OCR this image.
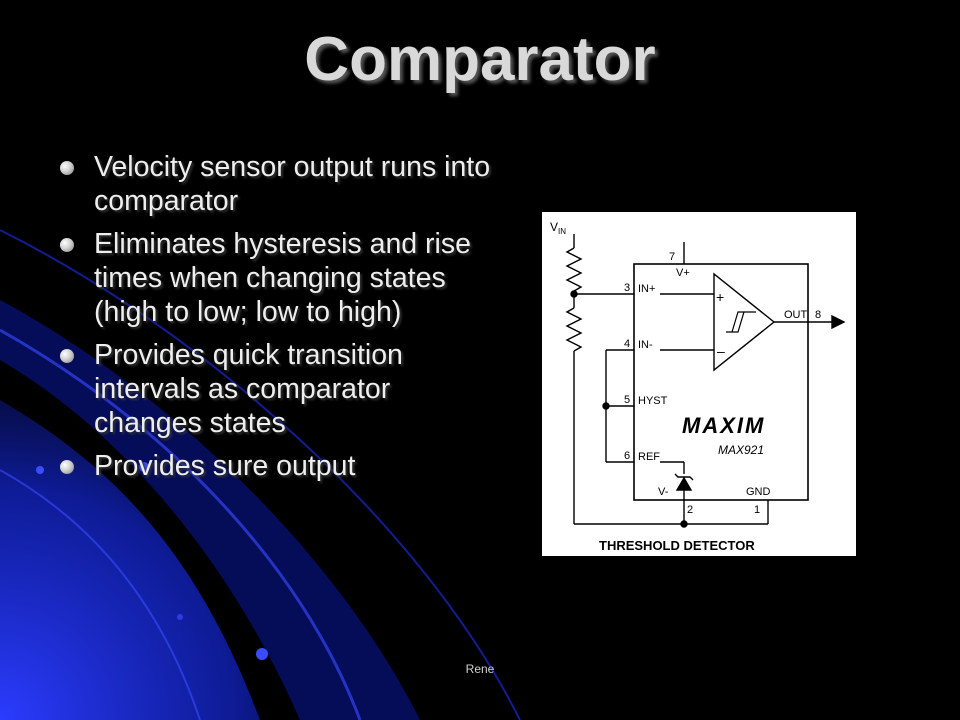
Comparator
Velocity sensor output runs into comparator
Eliminates hysteresis and rise times when changing states (high to low; low to high)
Provides quick transition intervals as comparator changes states
Provides sure output
$V_{IN}$
7
V+
3 IN+
4 IN-
+
–
OUT 8
5 HYST
MAXIM
MAX921
6 REF
V-
2
GND
1
THRESHOLD DETECTOR
Rene
